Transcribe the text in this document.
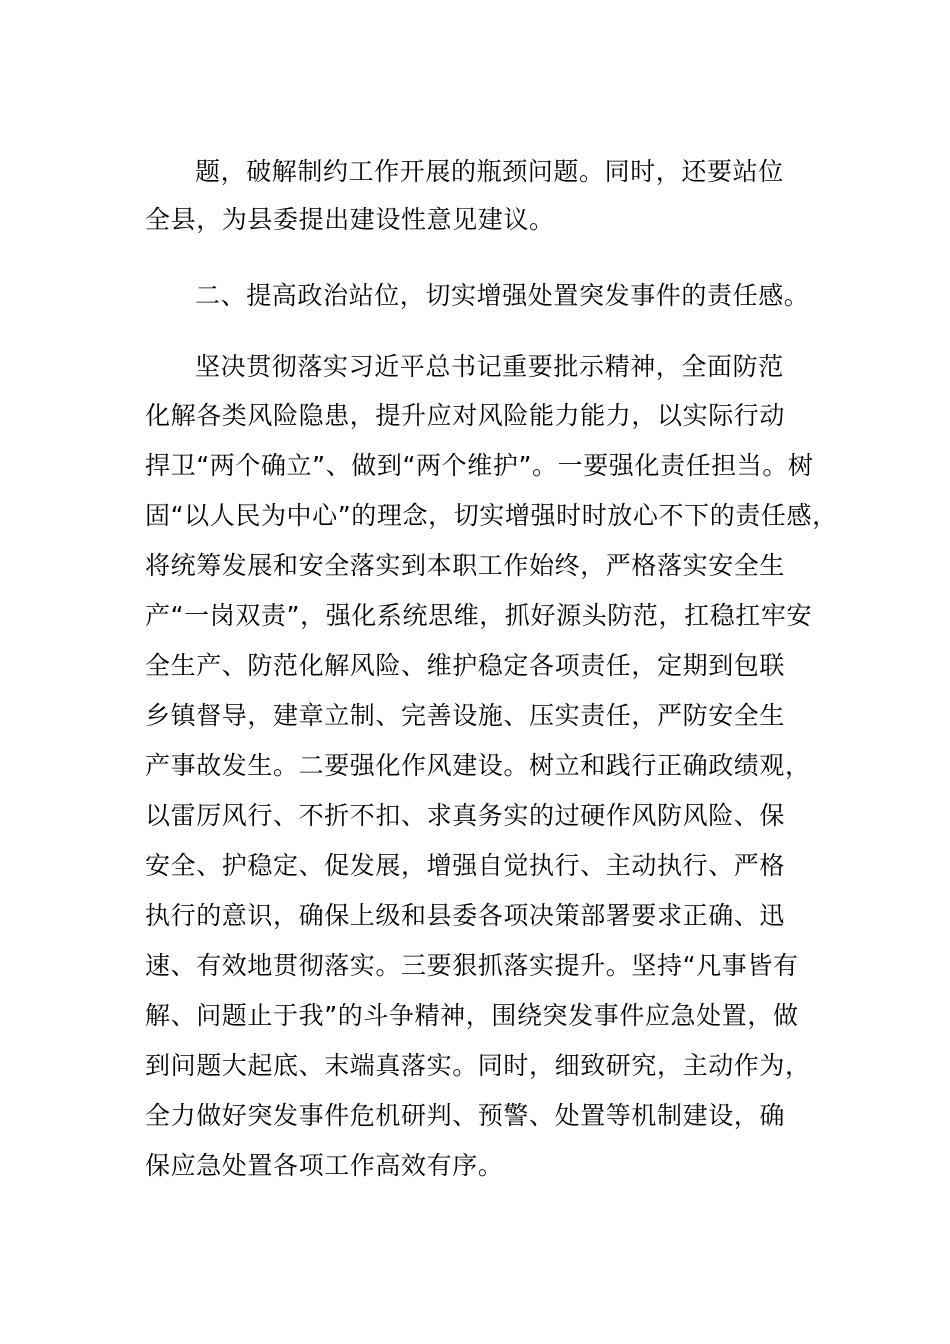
题，破解制约工作开展的瓶颈问题。同时，还要站位

全县，为县委提出建设性意见建议。

二、提高政治站位，切实增强处置突发事件的责任感。

坚决贯彻落实习近平总书记重要批示精神，全面防范

化解各类风险隐患，提升应对风险能力能力，以实际行动

捍卫“两个确立”、做到“两个维护”。一要强化责任担当。树

固“以人民为中心”的理念，切实增强时时放心不下的责任感，

将统筹发展和安全落实到本职工作始终，严格落实安全生

产“一岗双责”，强化系统思维，抓好源头防范，扛稳扛牢安

全生产、防范化解风险、维护稳定各项责任，定期到包联

乡镇督导，建章立制、完善设施、压实责任，严防安全生

产事故发生。二要强化作风建设。树立和践行正确政绩观，

以雷厉风行、不折不扣、求真务实的过硬作风防风险、保

安全、护稳定、促发展，增强自觉执行、主动执行、严格

执行的意识，确保上级和县委各项决策部署要求正确、迅

速、有效地贯彻落实。三要狠抓落实提升。坚持“凡事皆有

解、问题止于我”的斗争精神，围绕突发事件应急处置，做

到问题大起底、末端真落实。同时，细致研究，主动作为，

全力做好突发事件危机研判、预警、处置等机制建设，确

保应急处置各项工作高效有序。
